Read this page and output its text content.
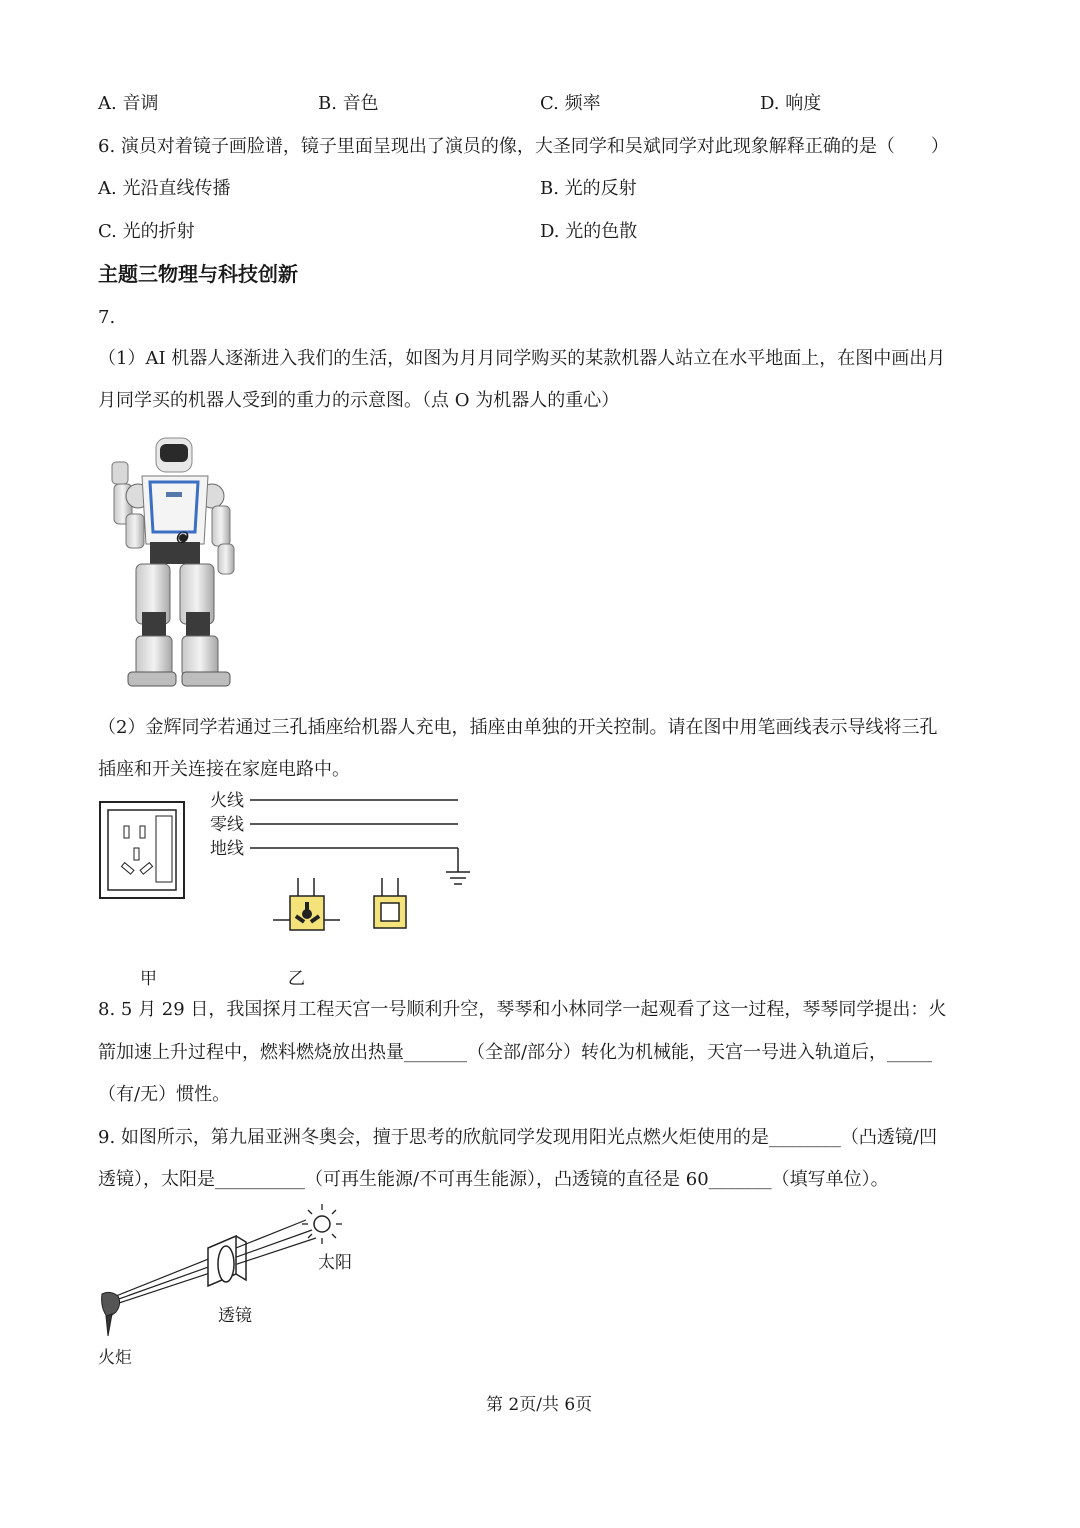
A. 音调	B. 音色	C. 频率	D. 响度
6. 演员对着镜子画脸谱，镜子里面呈现出了演员的像，大圣同学和吴斌同学对此现象解释正确的是（　　）
A. 光沿直线传播	B. 光的反射
C. 光的折射	D. 光的色散
主题三物理与科技创新
7.
（1）AI 机器人逐渐进入我们的生活，如图为月月同学购买的某款机器人站立在水平地面上，在图中画出月
月同学买的机器人受到的重力的示意图。（点 O 为机器人的重心）
O
（2）金辉同学若通过三孔插座给机器人充电，插座由单独的开关控制。请在图中用笔画线表示导线将三孔
插座和开关连接在家庭电路中。
火线
零线
地线
甲	乙
8. 5 月 29 日，我国探月工程天宫一号顺利升空，琴琴和小林同学一起观看了这一过程，琴琴同学提出：火
箭加速上升过程中，燃料燃烧放出热量_______（全部/部分）转化为机械能，天宫一号进入轨道后，_____
（有/无）惯性。
9. 如图所示，第九届亚洲冬奥会，擅于思考的欣航同学发现用阳光点燃火炬使用的是________（凸透镜/凹
透镜），太阳是__________（可再生能源/不可再生能源），凸透镜的直径是 60_______（填写单位）。
太阳
透镜
火炬
第 2页/共 6页
